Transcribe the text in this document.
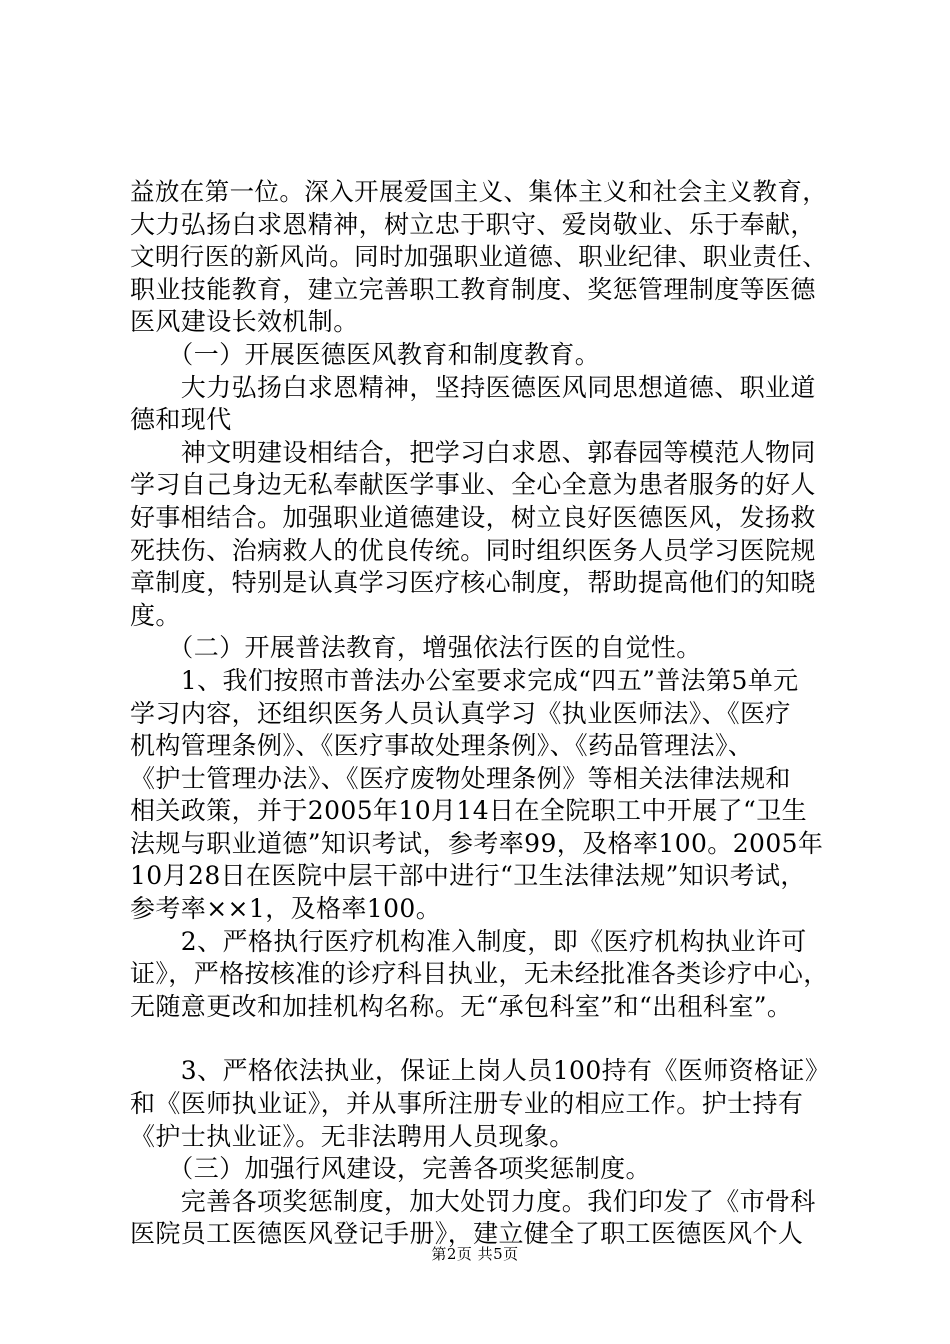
益放在第一位。深入开展爱国主义、集体主义和社会主义教育，
大力弘扬白求恩精神，树立忠于职守、爱岗敬业、乐于奉献，
文明行医的新风尚。同时加强职业道德、职业纪律、职业责任、
职业技能教育，建立完善职工教育制度、奖惩管理制度等医德
医风建设长效机制。
　　（一）开展医德医风教育和制度教育。
　　大力弘扬白求恩精神，坚持医德医风同思想道德、职业道
德和现代
　　神文明建设相结合，把学习白求恩、郭春园等模范人物同
学习自己身边无私奉献医学事业、全心全意为患者服务的好人
好事相结合。加强职业道德建设，树立良好医德医风，发扬救
死扶伤、治病救人的优良传统。同时组织医务人员学习医院规
章制度，特别是认真学习医疗核心制度，帮助提高他们的知晓
度。
　　（二）开展普法教育，增强依法行医的自觉性。
　　1、我们按照市普法办公室要求完成“四五”普法第5单元
学习内容，还组织医务人员认真学习《执业医师法》、《医疗
机构管理条例》、《医疗事故处理条例》、《药品管理法》、
《护士管理办法》、《医疗废物处理条例》等相关法律法规和
相关政策，并于2005年10月14日在全院职工中开展了“卫生
法规与职业道德”知识考试，参考率99，及格率100。2005年
10月28日在医院中层干部中进行“卫生法律法规”知识考试，
参考率××1，及格率100。
　　2、严格执行医疗机构准入制度，即《医疗机构执业许可
证》，严格按核准的诊疗科目执业，无未经批准各类诊疗中心，
无随意更改和加挂机构名称。无“承包科室”和“出租科室”。
　　3、严格依法执业，保证上岗人员100持有《医师资格证》
和《医师执业证》，并从事所注册专业的相应工作。护士持有
《护士执业证》。无非法聘用人员现象。
　　（三）加强行风建设，完善各项奖惩制度。
　　完善各项奖惩制度，加大处罚力度。我们印发了《市骨科
医院员工医德医风登记手册》，建立健全了职工医德医风个人
第2页 共5页
